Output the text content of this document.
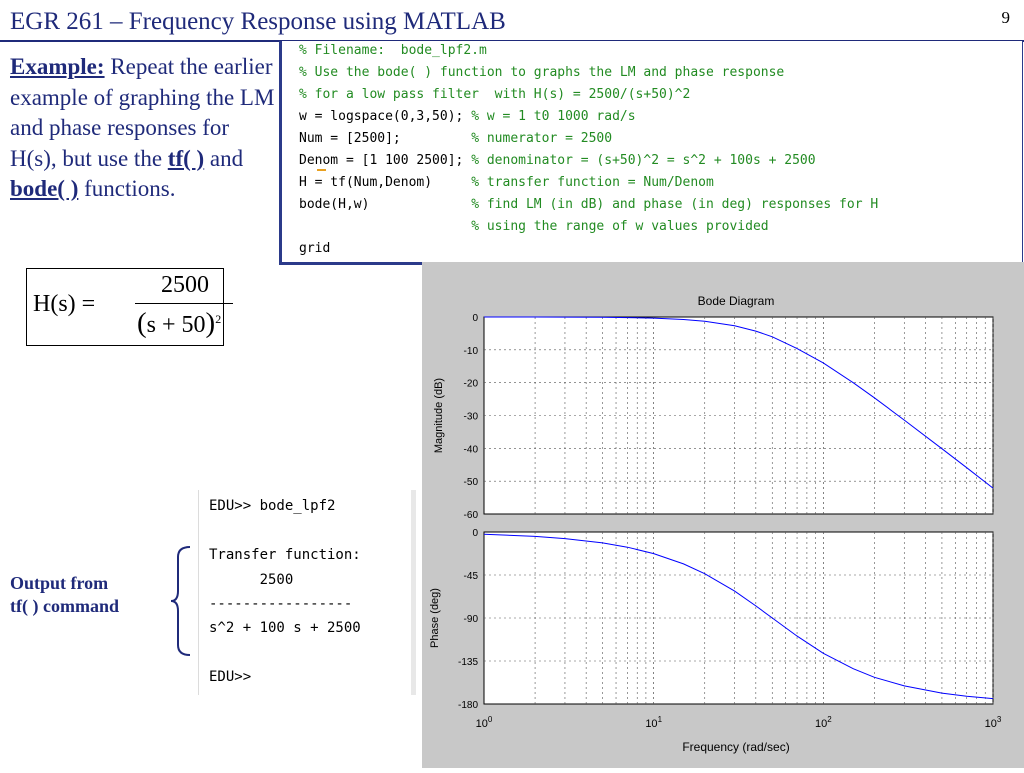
EGR 261 – Frequency Response using MATLAB	9
Example: Repeat the earlier example of graphing the LM and phase responses for H(s), but use the tf( ) and bode( ) functions.
H(s) =
2500
$(s + 50)^2$
% Filename:  bode_lpf2.m
% Use the bode( ) function to graphs the LM and phase response
% for a low pass filter  with H(s) = 2500/(s+50)^2
w = logspace(0,3,50); % w = 1 t0 1000 rad/s
Num = [2500];         % numerator = 2500
Denom = [1 100 2500]; % denominator = (s+50)^2 = s^2 + 100s + 2500
H = tf(Num,Denom)     % transfer function = Num/Denom
bode(H,w)             % find LM (in dB) and phase (in deg) responses for H
% using the range of w values provided
grid
EDU>> bode_lpf2
Transfer function:
2500
-----------------
s^2 + 100 s + 2500
EDU>>
Output from
tf( ) command
Bode Diagram
0
-10
-20
-30
-40
-50
-60
Magnitude (dB)
0
-45
-90
-135
-180
Phase (deg)
$10^0$	$10^1$	$10^2$	$10^3$
Frequency (rad/sec)
